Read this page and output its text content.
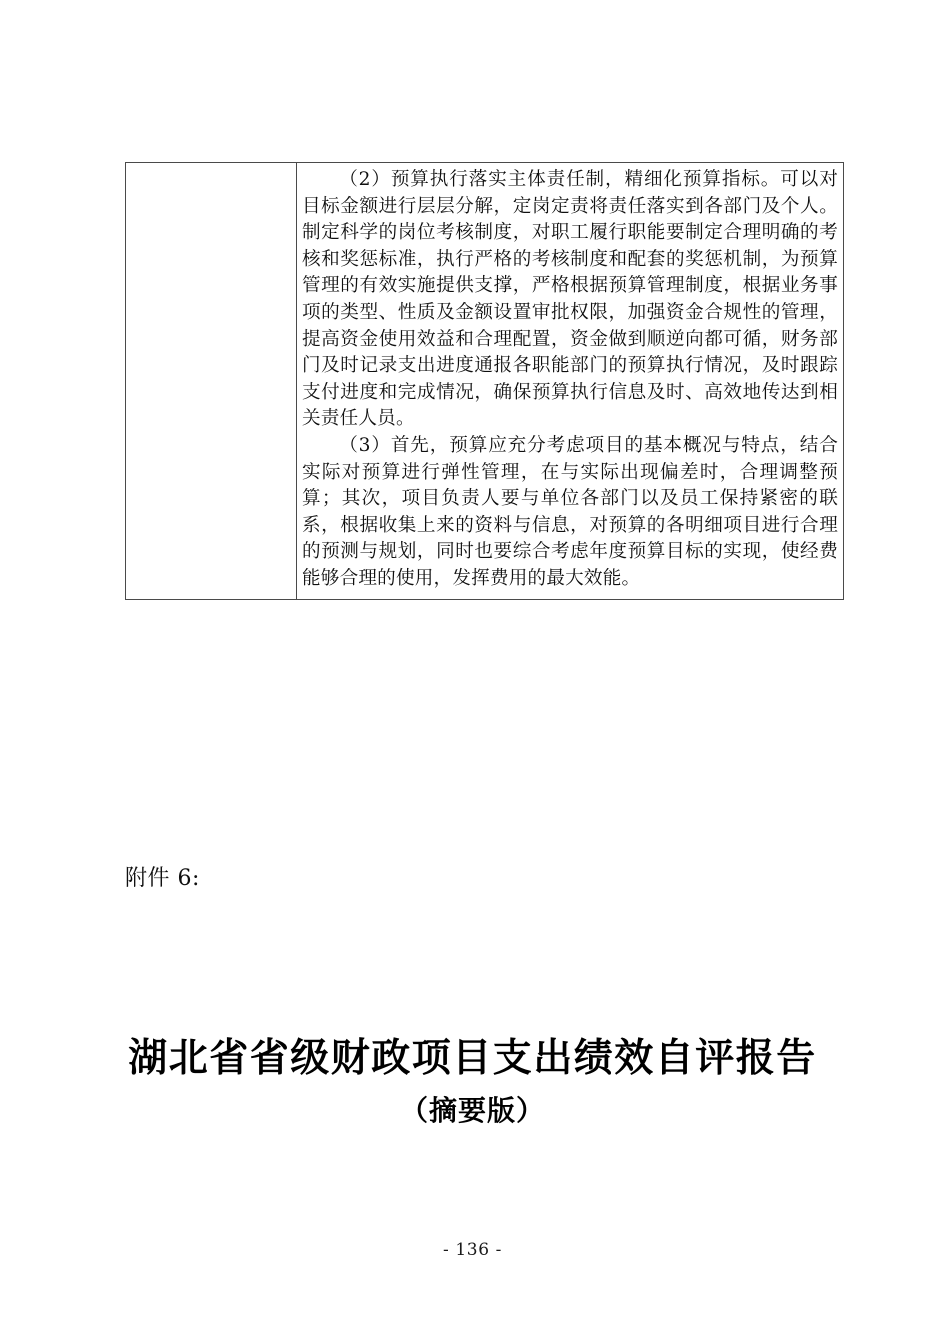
（2）预算执行落实主体责任制，精细化预算指标。可以对目标金额进行层层分解，定岗定责将责任落实到各部门及个人。制定科学的岗位考核制度，对职工履行职能要制定合理明确的考核和奖惩标准，执行严格的考核制度和配套的奖惩机制，为预算管理的有效实施提供支撑，严格根据预算管理制度，根据业务事项的类型、性质及金额设置审批权限，加强资金合规性的管理，提高资金使用效益和合理配置，资金做到顺逆向都可循，财务部门及时记录支出进度通报各职能部门的预算执行情况，及时跟踪支付进度和完成情况，确保预算执行信息及时、高效地传达到相关责任人员。

（3）首先，预算应充分考虑项目的基本概况与特点，结合实际对预算进行弹性管理，在与实际出现偏差时，合理调整预算；其次，项目负责人要与单位各部门以及员工保持紧密的联系，根据收集上来的资料与信息，对预算的各明细项目进行合理的预测与规划，同时也要综合考虑年度预算目标的实现，使经费能够合理的使用，发挥费用的最大效能。

附件 6:
湖北省省级财政项目支出绩效自评报告
（摘要版）
- 136 -
